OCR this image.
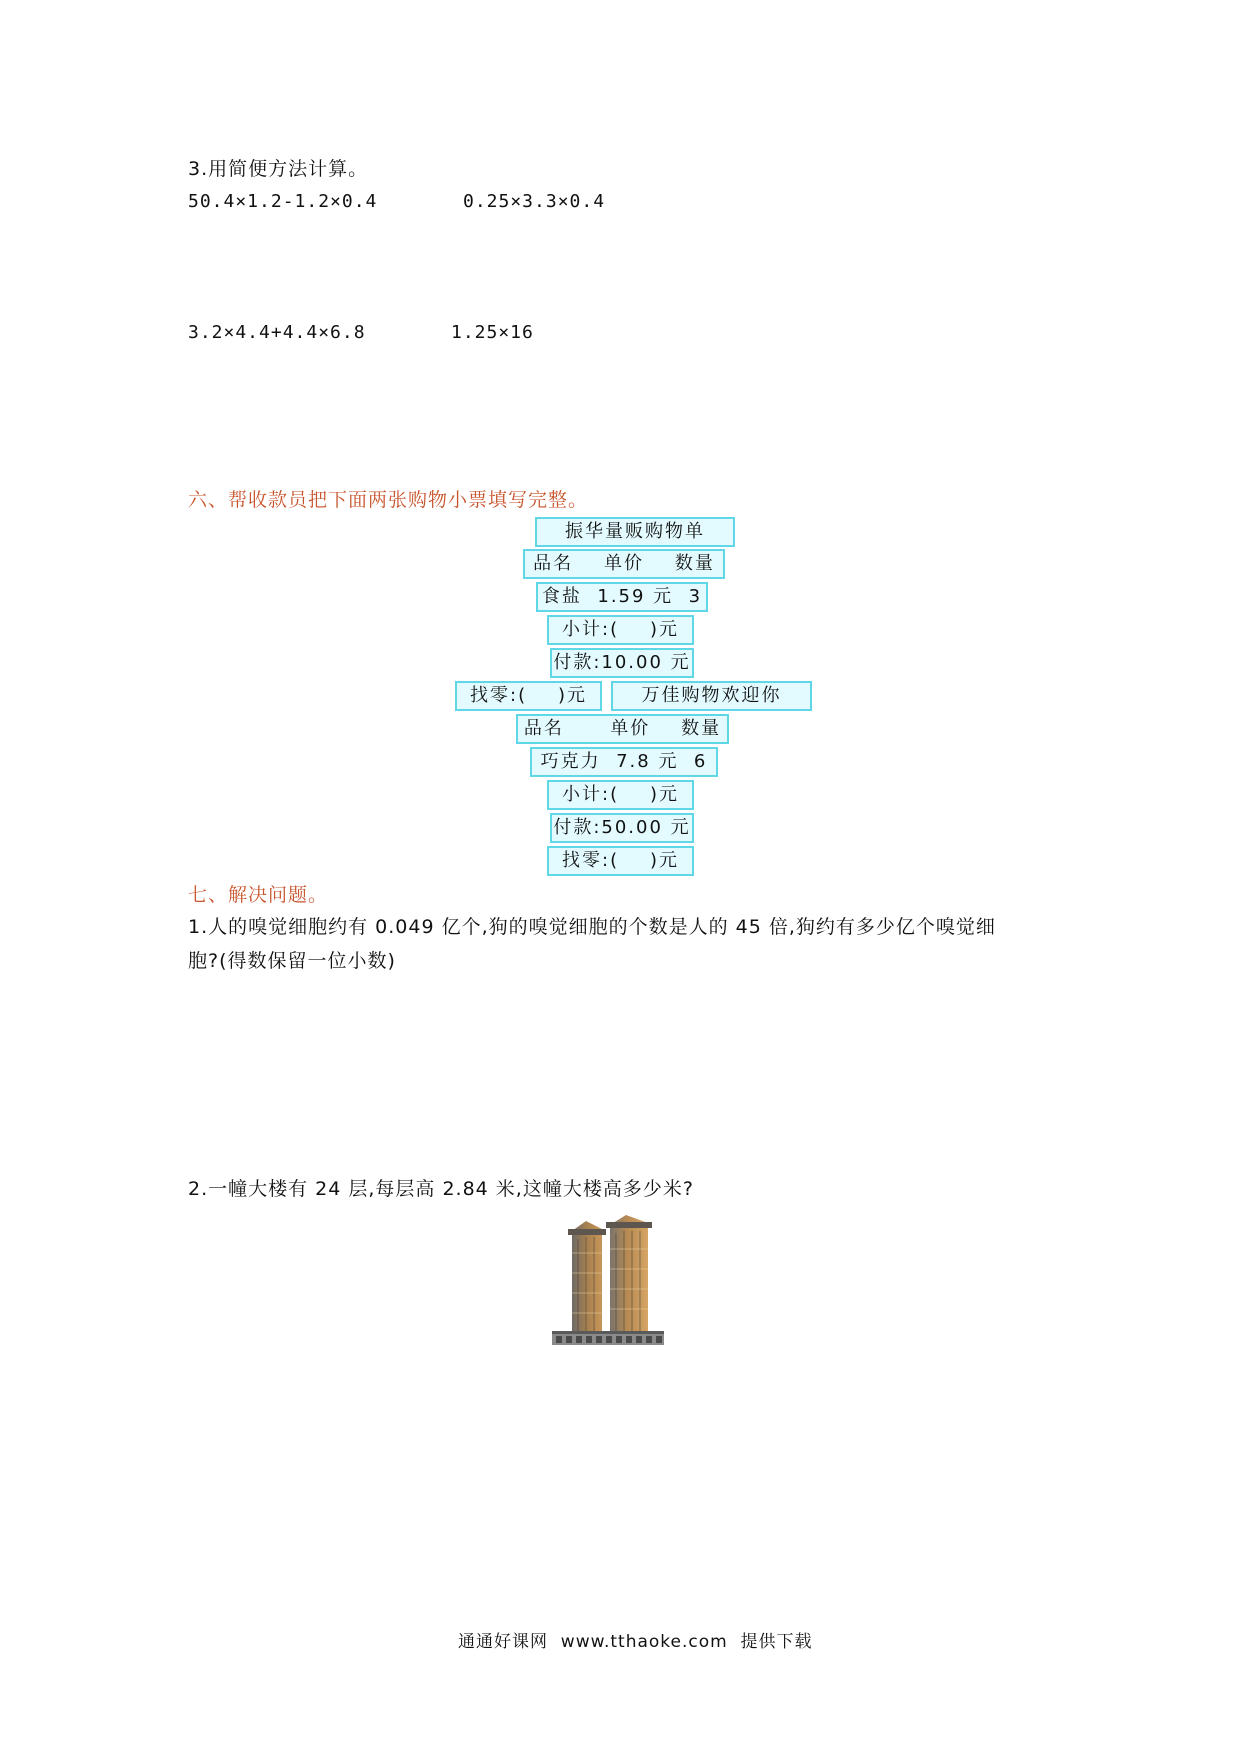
3.用简便方法计算。
50.4×1.2-1.2×0.4	0.25×3.3×0.4
3.2×4.4+4.4×6.8	1.25×16
六、帮收款员把下面两张购物小票填写完整。
振华量贩购物单
品名    单价    数量
食盐  1.59 元  3
小计:(    )元
付款:10.00 元
找零:(    )元	万佳购物欢迎你
品名      单价    数量
巧克力  7.8 元  6
小计:(    )元
付款:50.00 元
找零:(    )元
七、解决问题。
1.人的嗅觉细胞约有 0.049 亿个,狗的嗅觉细胞的个数是人的 45 倍,狗约有多少亿个嗅觉细
胞?(得数保留一位小数)
2.一幢大楼有 24 层,每层高 2.84 米,这幢大楼高多少米?
通通好课网  www.tthaoke.com  提供下载
